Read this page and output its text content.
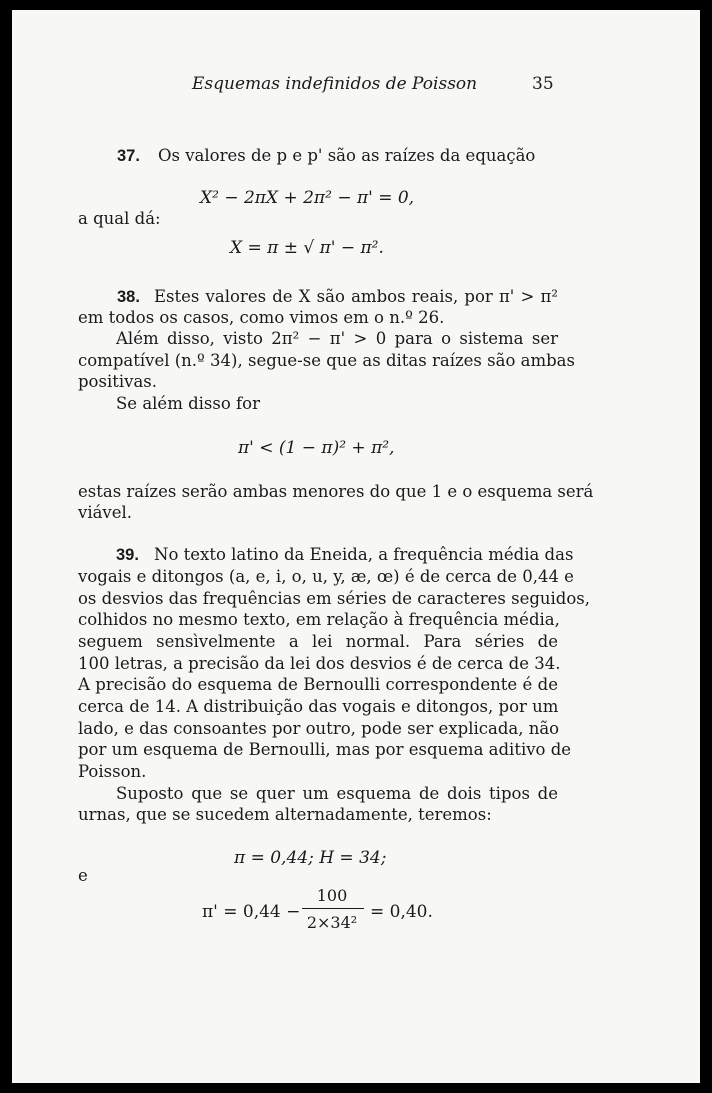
Esquemas indefinidos de Poisson	35
37. Os valores de p e p' são as raízes da equação
X² − 2πX + 2π² − π' = 0,
a qual dá:
X = π ± √ π' − π².
38. Estes valores de X são ambos reais, por π' > π²
em todos os casos, como vimos em o n.º 26.
Além disso, visto 2π² − π' > 0 para o sistema ser
compatível (n.º 34), segue-se que as ditas raízes são ambas
positivas.
Se além disso for
π' < (1 − π)² + π²,
estas raízes serão ambas menores do que 1 e o esquema será
viável.
39. No texto latino da Eneida, a frequência média das
vogais e ditongos (a, e, i, o, u, y, æ, œ) é de cerca de 0,44 e
os desvios das frequências em séries de caracteres seguidos,
colhidos no mesmo texto, em relação à frequência média,
seguem sensìvelmente a lei normal. Para séries de
100 letras, a precisão da lei dos desvios é de cerca de 34.
A precisão do esquema de Bernoulli correspondente é de
cerca de 14. A distribuição das vogais e ditongos, por um
lado, e das consoantes por outro, pode ser explicada, não
por um esquema de Bernoulli, mas por esquema aditivo de
Poisson.
Suposto que se quer um esquema de dois tipos de
urnas, que se sucedem alternadamente, teremos:
π = 0,44; H = 34;
e
π' = 0,44 −
100
2×34²
= 0,40.
